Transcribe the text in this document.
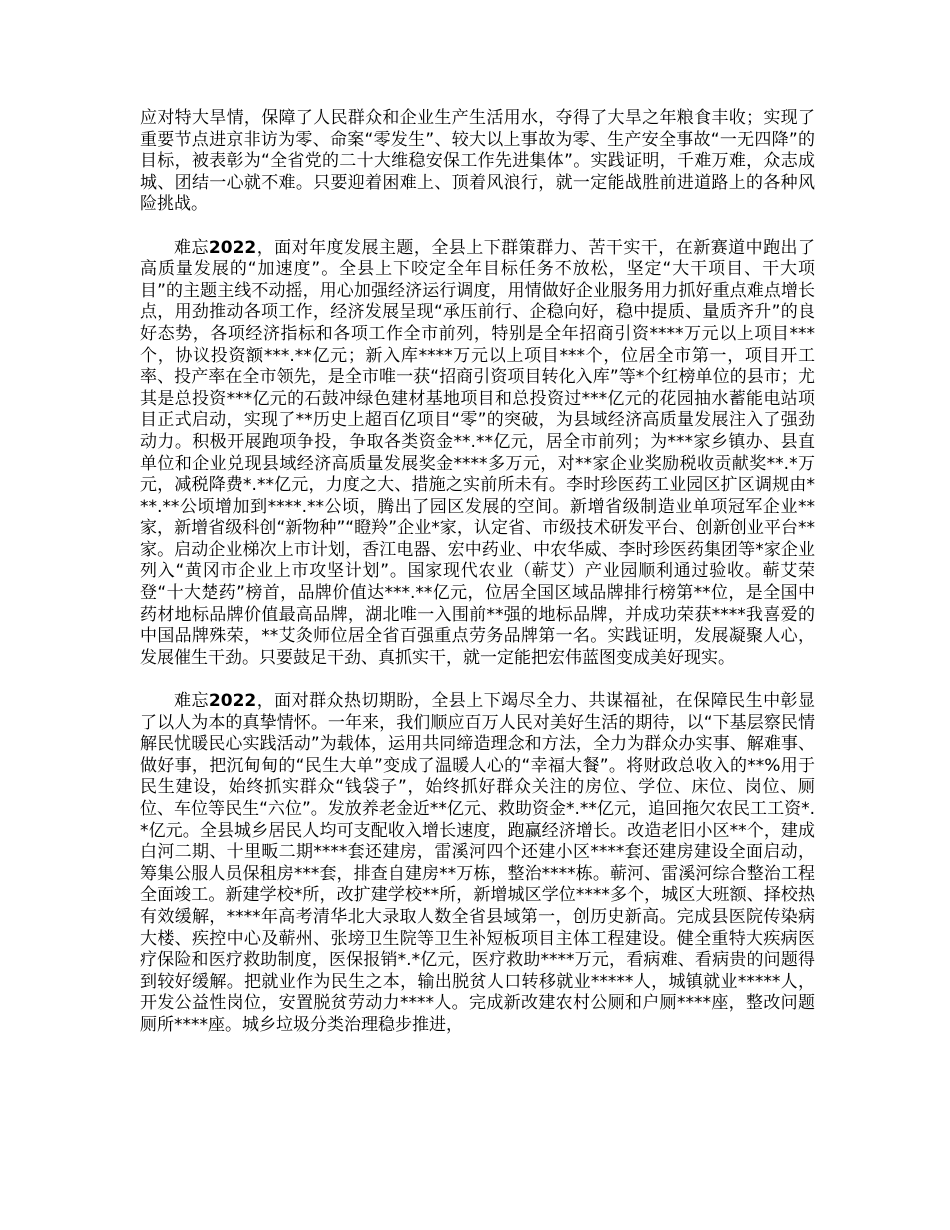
应对特大旱情，保障了人民群众和企业生产生活用水，夺得了大旱之年粮食丰收；实现了重要节点进京非访为零、命案“零发生”、较大以上事故为零、生产安全事故“一无四降”的目标，被表彰为“全省党的二十大维稳安保工作先进集体”。实践证明，千难万难，众志成城、团结一心就不难。只要迎着困难上、顶着风浪行，就一定能战胜前进道路上的各种风险挑战。

难忘2022，面对年度发展主题，全县上下群策群力、苦干实干，在新赛道中跑出了高质量发展的“加速度”。全县上下咬定全年目标任务不放松，坚定“大干项目、干大项目”的主题主线不动摇，用心加强经济运行调度，用情做好企业服务用力抓好重点难点增长点，用劲推动各项工作，经济发展呈现“承压前行、企稳向好，稳中提质、量质齐升”的良好态势，各项经济指标和各项工作全市前列，特别是全年招商引资****万元以上项目***个，协议投资额***.**亿元；新入库****万元以上项目***个，位居全市第一，项目开工率、投产率在全市领先，是全市唯一获“招商引资项目转化入库”等*个红榜单位的县市；尤其是总投资***亿元的石鼓冲绿色建材基地项目和总投资过***亿元的花园抽水蓄能电站项目正式启动，实现了**历史上超百亿项目“零”的突破，为县域经济高质量发展注入了强劲动力。积极开展跑项争投，争取各类资金**.**亿元，居全市前列；为***家乡镇办、县直单位和企业兑现县域经济高质量发展奖金****多万元，对**家企业奖励税收贡献奖**.*万元，减税降费*.**亿元，力度之大、措施之实前所未有。李时珍医药工业园区扩区调规由***.**公顷增加到****.**公顷，腾出了园区发展的空间。新增省级制造业单项冠军企业**家，新增省级科创“新物种”“瞪羚”企业*家，认定省、市级技术研发平台、创新创业平台**家。启动企业梯次上市计划，香江电器、宏中药业、中农华威、李时珍医药集团等*家企业列入“黄冈市企业上市攻坚计划”。国家现代农业（蕲艾）产业园顺利通过验收。蕲艾荣登“十大楚药”榜首，品牌价值达***.**亿元，位居全国区域品牌排行榜第**位，是全国中药材地标品牌价值最高品牌，湖北唯一入围前**强的地标品牌，并成功荣获****我喜爱的中国品牌殊荣，**艾灸师位居全省百强重点劳务品牌第一名。实践证明，发展凝聚人心，发展催生干劲。只要鼓足干劲、真抓实干，就一定能把宏伟蓝图变成美好现实。

难忘2022，面对群众热切期盼，全县上下竭尽全力、共谋福祉，在保障民生中彰显了以人为本的真挚情怀。一年来，我们顺应百万人民对美好生活的期待，以“下基层察民情解民忧暖民心实践活动”为载体，运用共同缔造理念和方法，全力为群众办实事、解难事、做好事，把沉甸甸的“民生大单”变成了温暖人心的“幸福大餐”。将财政总收入的**%用于民生建设，始终抓实群众“钱袋子”，始终抓好群众关注的房位、学位、床位、岗位、厕位、车位等民生“六位”。发放养老金近**亿元、救助资金*.**亿元，追回拖欠农民工工资*.*亿元。全县城乡居民人均可支配收入增长速度，跑赢经济增长。改造老旧小区**个，建成白河二期、十里畈二期****套还建房，雷溪河四个还建小区****套还建房建设全面启动，筹集公服人员保租房***套，排查自建房**万栋，整治****栋。蕲河、雷溪河综合整治工程全面竣工。新建学校*所，改扩建学校**所，新增城区学位****多个，城区大班额、择校热有效缓解，****年高考清华北大录取人数全省县域第一，创历史新高。完成县医院传染病大楼、疾控中心及蕲州、张塝卫生院等卫生补短板项目主体工程建设。健全重特大疾病医疗保险和医疗救助制度，医保报销*.*亿元，医疗救助****万元，看病难、看病贵的问题得到较好缓解。把就业作为民生之本，输出脱贫人口转移就业*****人，城镇就业*****人，开发公益性岗位，安置脱贫劳动力****人。完成新改建农村公厕和户厕****座，整改问题厕所****座。城乡垃圾分类治理稳步推进，
